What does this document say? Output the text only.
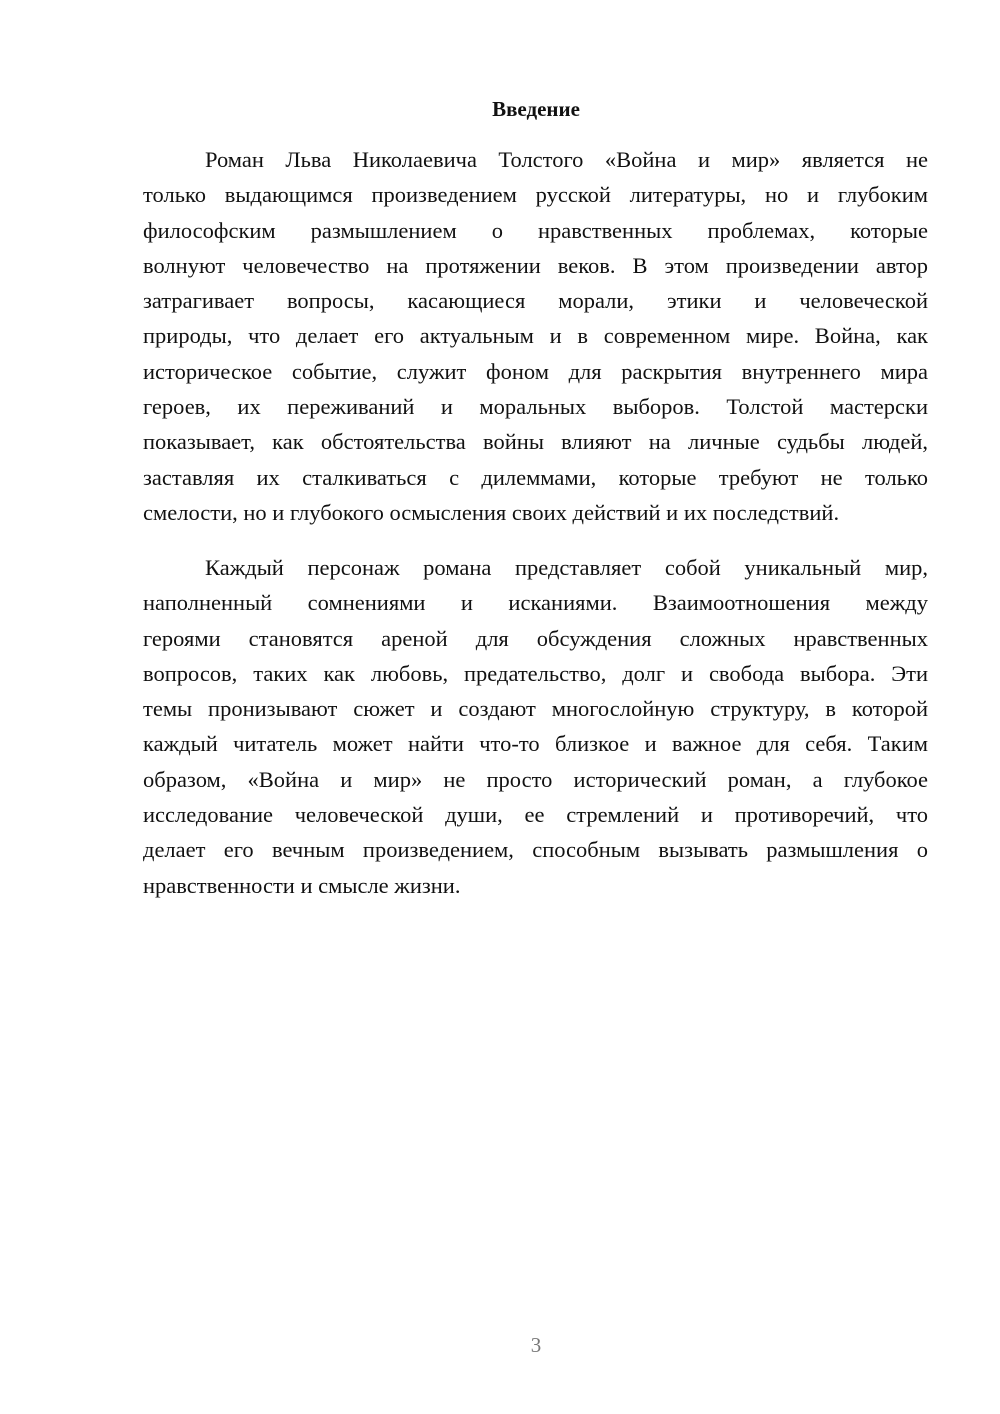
Введение
Роман Льва Николаевича Толстого «Война и мир» является не
только выдающимся произведением русской литературы, но и глубоким
философским размышлением о нравственных проблемах, которые
волнуют человечество на протяжении веков. В этом произведении автор
затрагивает вопросы, касающиеся морали, этики и человеческой
природы, что делает его актуальным и в современном мире. Война, как
историческое событие, служит фоном для раскрытия внутреннего мира
героев, их переживаний и моральных выборов. Толстой мастерски
показывает, как обстоятельства войны влияют на личные судьбы людей,
заставляя их сталкиваться с дилеммами, которые требуют не только
смелости, но и глубокого осмысления своих действий и их последствий.
Каждый персонаж романа представляет собой уникальный мир,
наполненный сомнениями и исканиями. Взаимоотношения между
героями становятся ареной для обсуждения сложных нравственных
вопросов, таких как любовь, предательство, долг и свобода выбора. Эти
темы пронизывают сюжет и создают многослойную структуру, в которой
каждый читатель может найти что-то близкое и важное для себя. Таким
образом, «Война и мир» не просто исторический роман, а глубокое
исследование человеческой души, ее стремлений и противоречий, что
делает его вечным произведением, способным вызывать размышления о
нравственности и смысле жизни.
3
